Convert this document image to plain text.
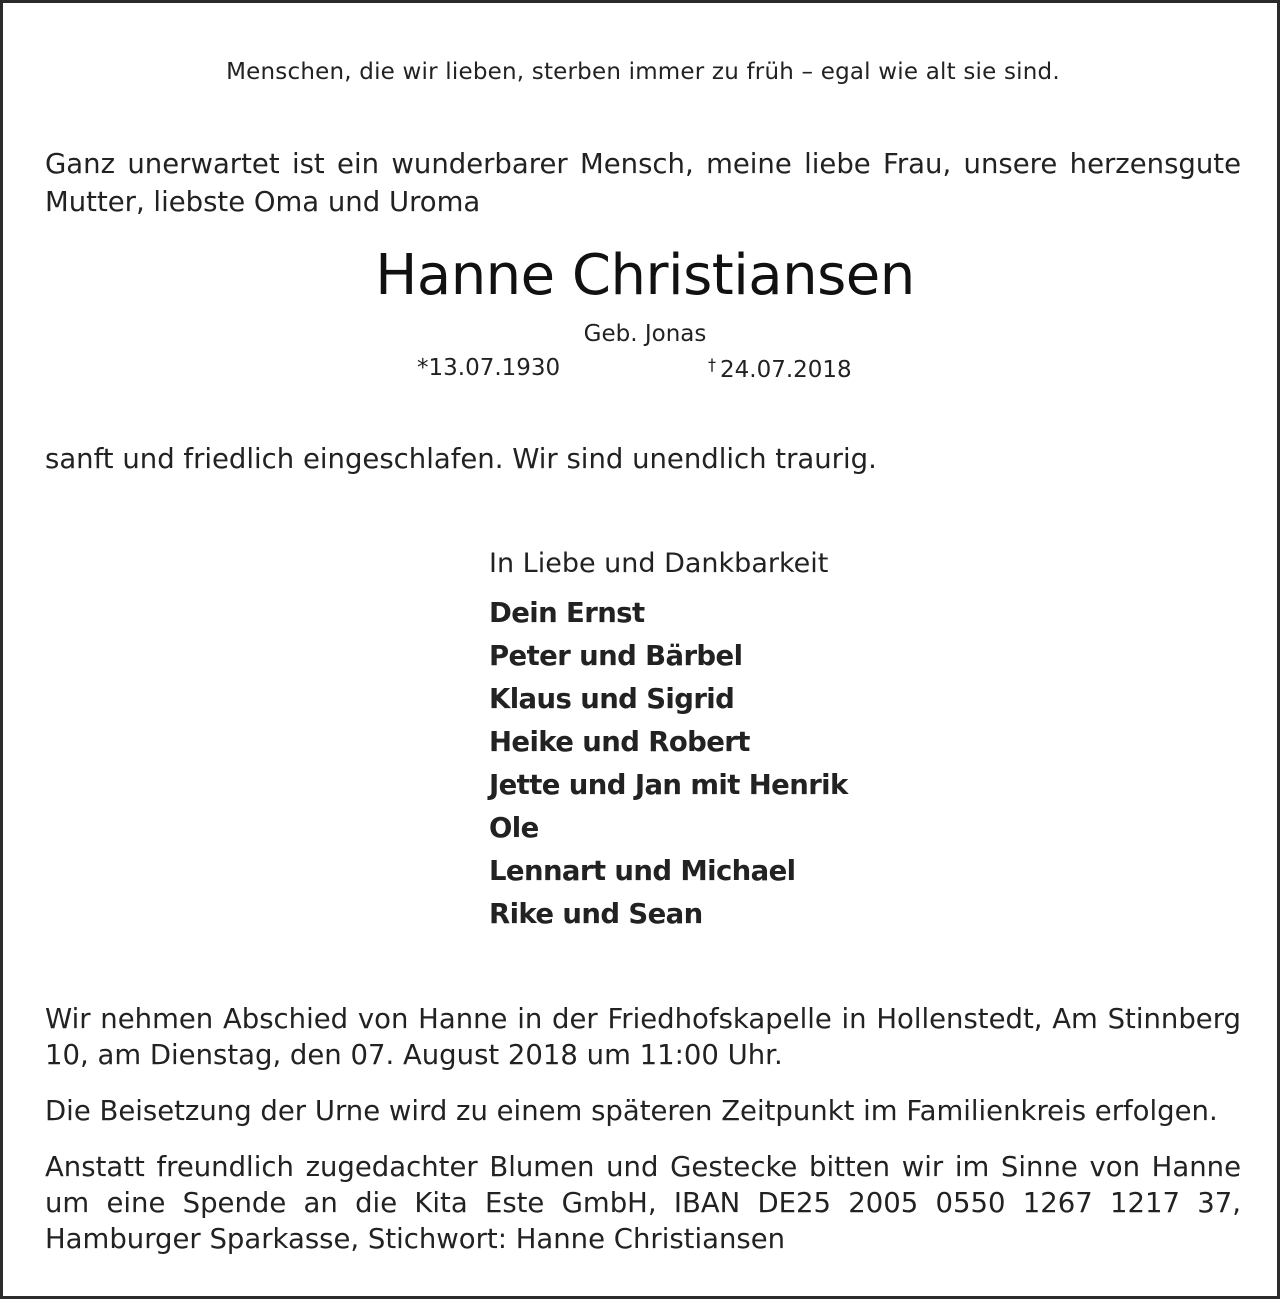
Menschen, die wir lieben, sterben immer zu früh – egal wie alt sie sind.

Ganz unerwartet ist ein wunderbarer Mensch, meine liebe Frau, unsere herzensgute Mutter, liebste Oma und Uroma

Hanne Christiansen

Geb. Jonas

*13.07.1930	† 24.07.2018

sanft und friedlich eingeschlafen. Wir sind unendlich traurig.

In Liebe und Dankbarkeit

Dein Ernst
Peter und Bärbel
Klaus und Sigrid
Heike und Robert
Jette und Jan mit Henrik
Ole
Lennart und Michael
Rike und Sean

Wir nehmen Abschied von Hanne in der Friedhofskapelle in Hollenstedt, Am Stinnberg 10, am Dienstag, den 07. August 2018 um 11:00 Uhr.

Die Beisetzung der Urne wird zu einem späteren Zeitpunkt im Familienkreis erfolgen.

Anstatt freundlich zugedachter Blumen und Gestecke bitten wir im Sinne von Hanne um eine Spende an die Kita Este GmbH, IBAN DE25 2005 0550 1267 1217 37, Hamburger Sparkasse, Stichwort: Hanne Christiansen
